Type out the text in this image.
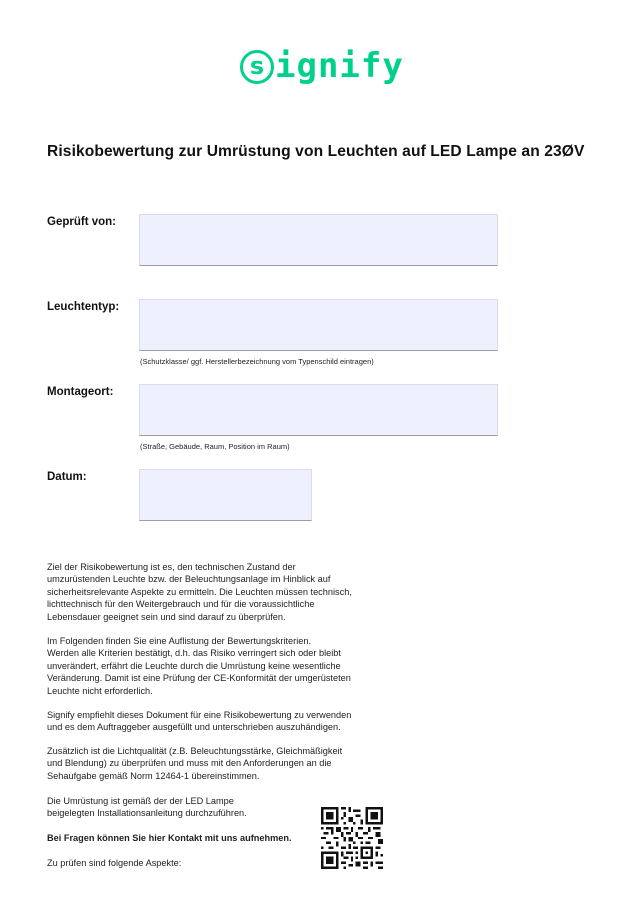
s ignify
Risikobewertung zur Umrüstung von Leuchten auf LED Lampe an 23ØV
Geprüft von:
Leuchtentyp:
(Schutzklasse/ ggf. Herstellerbezeichnung vom Typenschild eintragen)
Montageort:
(Straße, Gebäude, Raum, Position im Raum)
Datum:

Ziel der Risikobewertung ist es, den technischen Zustand der
umzurüstenden Leuchte bzw. der Beleuchtungsanlage im Hinblick auf
sicherheitsrelevante Aspekte zu ermitteln. Die Leuchten müssen technisch,
lichttechnisch für den Weitergebrauch und für die voraussichtliche
Lebensdauer geeignet sein und sind darauf zu überprüfen.

Im Folgenden finden Sie eine Auflistung der Bewertungskriterien.
Werden alle Kriterien bestätigt, d.h. das Risiko verringert sich oder bleibt
unverändert, erfährt die Leuchte durch die Umrüstung keine wesentliche
Veränderung. Damit ist eine Prüfung der CE-Konformität der umgerüsteten
Leuchte nicht erforderlich.

Signify empfiehlt dieses Dokument für eine Risikobewertung zu verwenden
und es dem Auftraggeber ausgefüllt und unterschrieben auszuhändigen.

Zusätzlich ist die Lichtqualität (z.B. Beleuchtungsstärke, Gleichmäßigkeit
und Blendung) zu überprüfen und muss mit den Anforderungen an die
Sehaufgabe gemäß Norm 12464-1 übereinstimmen.

Die Umrüstung ist gemäß der der LED Lampe
beigelegten Installationsanleitung durchzuführen.

Bei Fragen können Sie hier Kontakt mit uns aufnehmen.

Zu prüfen sind folgende Aspekte:
